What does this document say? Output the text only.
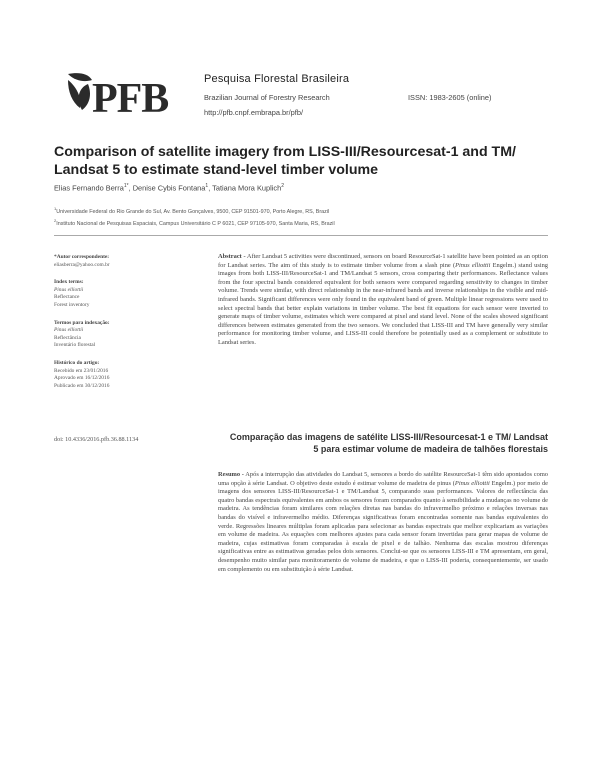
PFB	Pesquisa Florestal Brasileira
Brazilian Journal of Forestry Research	ISSN: 1983-2605 (online)
http://pfb.cnpf.embrapa.br/pfb/
Comparison of satellite imagery from LISS-III/Resourcesat-1 and TM/ Landsat 5 to estimate stand-level timber volume
Elias Fernando Berra$^{1*}$, Denise Cybis Fontana$^1$, Tatiana Mora Kuplich$^2$
$^1$Universidade Federal do Rio Grande do Sul, Av. Bento Gonçalves, 9500, CEP 91501-970, Porto Alegre, RS, Brazil
$^2$Instituto Nacional de Pesquisas Espaciais, Campus Universitário C P 6021, CEP 97105-970, Santa Maria, RS, Brazil
*Autor correspondente:
eliasberra@yahoo.com.br
Index terms:
Pinus elliottii
Reflectance
Forest inventory
Termos para indexação:
Pinus elliottii
Reflectância
Inventário florestal
Histórico do artigo:
Recebido em 23/01/2016
Aprovado em 16/12/2016
Publicado em 30/12/2016
doi: 10.4336/2016.pfb.36.88.1134

Abstract - After Landsat 5 activities were discontinued, sensors on board ResourceSat-1 satellite have been pointed as an option for Landsat series. The aim of this study is to estimate timber volume from a slash pine (Pinus elliottii Engelm.) stand using images from both LISS-III/ResourceSat-1 and TM/Landsat 5 sensors, cross comparing their performances. Reflectance values from the four spectral bands considered equivalent for both sensors were compared regarding sensitivity to changes in timber volume. Trends were similar, with direct relationship in the near-infrared bands and inverse relationships in the visible and mid-infrared bands. Significant differences were only found in the equivalent band of green. Multiple linear regressions were used to select spectral bands that better explain variations in timber volume. The best fit equations for each sensor were inverted to generate maps of timber volume, estimates which were compared at pixel and stand level. None of the scales showed significant differences between estimates generated from the two sensors. We concluded that LISS-III and TM have generally very similar performance for monitoring timber volume, and LISS-III could therefore be potentially used as a complement or substitute to Landsat series.

Comparação das imagens de satélite LISS-III/Resourcesat-1 e TM/ Landsat 5 para estimar volume de madeira de talhões florestais

Resumo - Após a interrupção das atividades do Landsat 5, sensores a bordo do satélite ResourceSat-1 têm sido apontados como uma opção à série Landsat. O objetivo deste estudo é estimar volume de madeira de pinus (Pinus elliottii Engelm.) por meio de imagens dos sensores LISS-III/ResourceSat-1 e TM/Landsat 5, comparando suas performances. Valores de reflectância das quatro bandas espectrais equivalentes em ambos os sensores foram comparados quanto à sensibilidade a mudanças no volume de madeira. As tendências foram similares com relações diretas nas bandas do infravermelho próximo e relações inversas nas bandas do visível e infravermelho médio. Diferenças significativas foram encontradas somente nas bandas equivalentes do verde. Regressões lineares múltiplas foram aplicadas para selecionar as bandas espectrais que melhor explicariam as variações em volume de madeira. As equações com melhores ajustes para cada sensor foram invertidas para gerar mapas de volume de madeira, cujas estimativas foram comparadas à escala de pixel e de talhão. Nenhuma das escalas mostrou diferenças significativas entre as estimativas geradas pelos dois sensores. Conclui-se que os sensores LISS-III e TM apresentam, em geral, desempenho muito similar para monitoramento de volume de madeira, e que o LISS-III poderia, consequentemente, ser usado em complemento ou em substituição à série Landsat.
